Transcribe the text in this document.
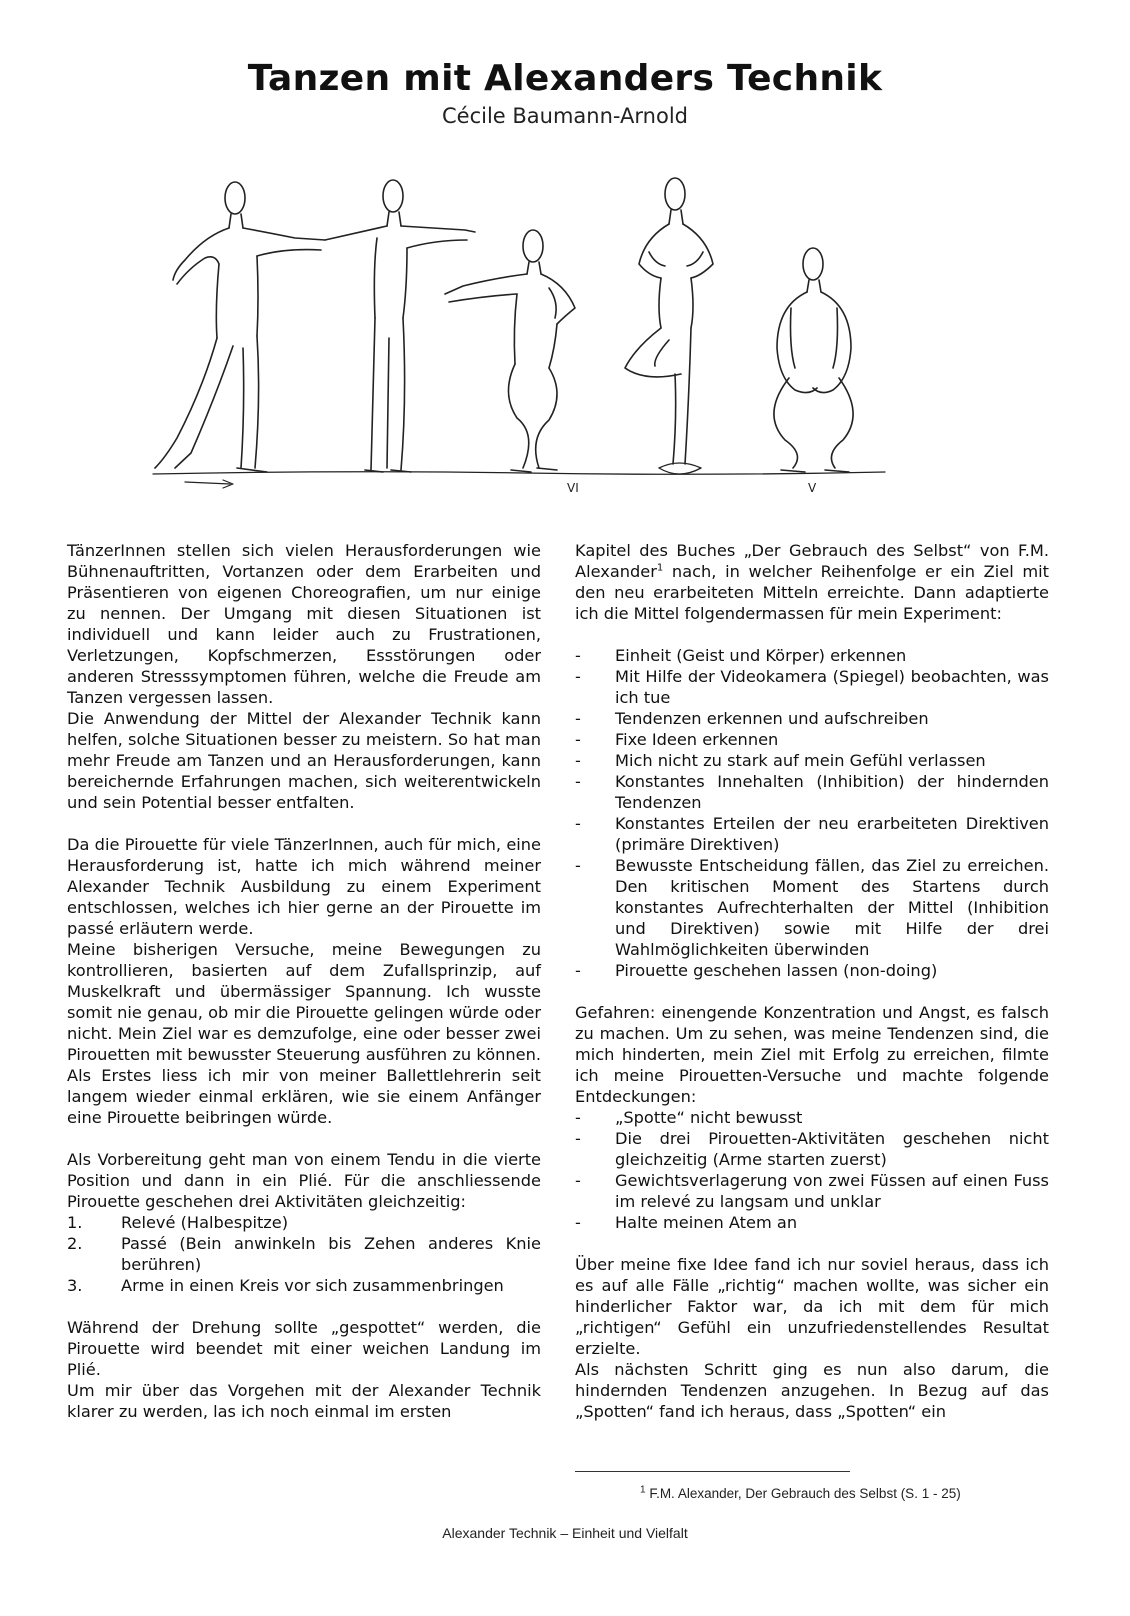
Tanzen mit Alexanders Technik

Cécile Baumann-Arnold

VI	V

TänzerInnen stellen sich vielen Herausforderungen wie Bühnenauftritten, Vortanzen oder dem Erarbeiten und Präsentieren von eigenen Choreografien, um nur einige zu nennen. Der Umgang mit diesen Situationen ist individuell und kann leider auch zu Frustrationen, Verletzungen, Kopfschmerzen, Essstörungen oder anderen Stresssymptomen führen, welche die Freude am Tanzen vergessen lassen.

Die Anwendung der Mittel der Alexander Technik kann helfen, solche Situationen besser zu meistern. So hat man mehr Freude am Tanzen und an Herausforderungen, kann bereichernde Erfahrungen machen, sich weiterentwickeln und sein Potential besser entfalten.

Da die Pirouette für viele TänzerInnen, auch für mich, eine Herausforderung ist, hatte ich mich während meiner Alexander Technik Ausbildung zu einem Experiment entschlossen, welches ich hier gerne an der Pirouette im passé erläutern werde.

Meine bisherigen Versuche, meine Bewegungen zu kontrollieren, basierten auf dem Zufallsprinzip, auf Muskelkraft und übermässiger Spannung. Ich wusste somit nie genau, ob mir die Pirouette gelingen würde oder nicht. Mein Ziel war es demzufolge, eine oder besser zwei Pirouetten mit bewusster Steuerung ausführen zu können. Als Erstes liess ich mir von meiner Ballettlehrerin seit langem wieder einmal erklären, wie sie einem Anfänger eine Pirouette beibringen würde.

Als Vorbereitung geht man von einem Tendu in die vierte Position und dann in ein Plié. Für die anschliessende Pirouette geschehen drei Aktivitäten gleichzeitig:

1.	Relevé (Halbespitze)
2.	Passé (Bein anwinkeln bis Zehen anderes Knie berühren)
3.	Arme in einen Kreis vor sich zusammenbringen

Während der Drehung sollte „gespottet“ werden, die Pirouette wird beendet mit einer weichen Landung im Plié.

Um mir über das Vorgehen mit der Alexander Technik klarer zu werden, las ich noch einmal im ersten

Kapitel des Buches „Der Gebrauch des Selbst“ von F.M. Alexander$^1$ nach, in welcher Reihenfolge er ein Ziel mit den neu erarbeiteten Mitteln erreichte. Dann adaptierte ich die Mittel folgendermassen für mein Experiment:

-	Einheit (Geist und Körper) erkennen
-	Mit Hilfe der Videokamera (Spiegel) beobachten, was ich tue
-	Tendenzen erkennen und aufschreiben
-	Fixe Ideen erkennen
-	Mich nicht zu stark auf mein Gefühl verlassen
-	Konstantes Innehalten (Inhibition) der hindernden Tendenzen
-	Konstantes Erteilen der neu erarbeiteten Direktiven (primäre Direktiven)
-	Bewusste Entscheidung fällen, das Ziel zu erreichen. Den kritischen Moment des Startens durch konstantes Aufrechterhalten der Mittel (Inhibition und Direktiven) sowie mit Hilfe der drei Wahlmöglichkeiten überwinden
-	Pirouette geschehen lassen (non-doing)

Gefahren: einengende Konzentration und Angst, es falsch zu machen. Um zu sehen, was meine Tendenzen sind, die mich hinderten, mein Ziel mit Erfolg zu erreichen, filmte ich meine Pirouetten-Versuche und machte folgende Entdeckungen:

-	„Spotte“ nicht bewusst
-	Die drei Pirouetten-Aktivitäten geschehen nicht gleichzeitig (Arme starten zuerst)
-	Gewichtsverlagerung von zwei Füssen auf einen Fuss im relevé zu langsam und unklar
-	Halte meinen Atem an

Über meine fixe Idee fand ich nur soviel heraus, dass ich es auf alle Fälle „richtig“ machen wollte, was sicher ein hinderlicher Faktor war, da ich mit dem für mich „richtigen“ Gefühl ein unzufriedenstellendes Resultat erzielte.

Als nächsten Schritt ging es nun also darum, die hindernden Tendenzen anzugehen. In Bezug auf das „Spotten“ fand ich heraus, dass „Spotten“ ein

$^1$ F.M. Alexander, Der Gebrauch des Selbst (S. 1 - 25)
Alexander Technik – Einheit und Vielfalt
